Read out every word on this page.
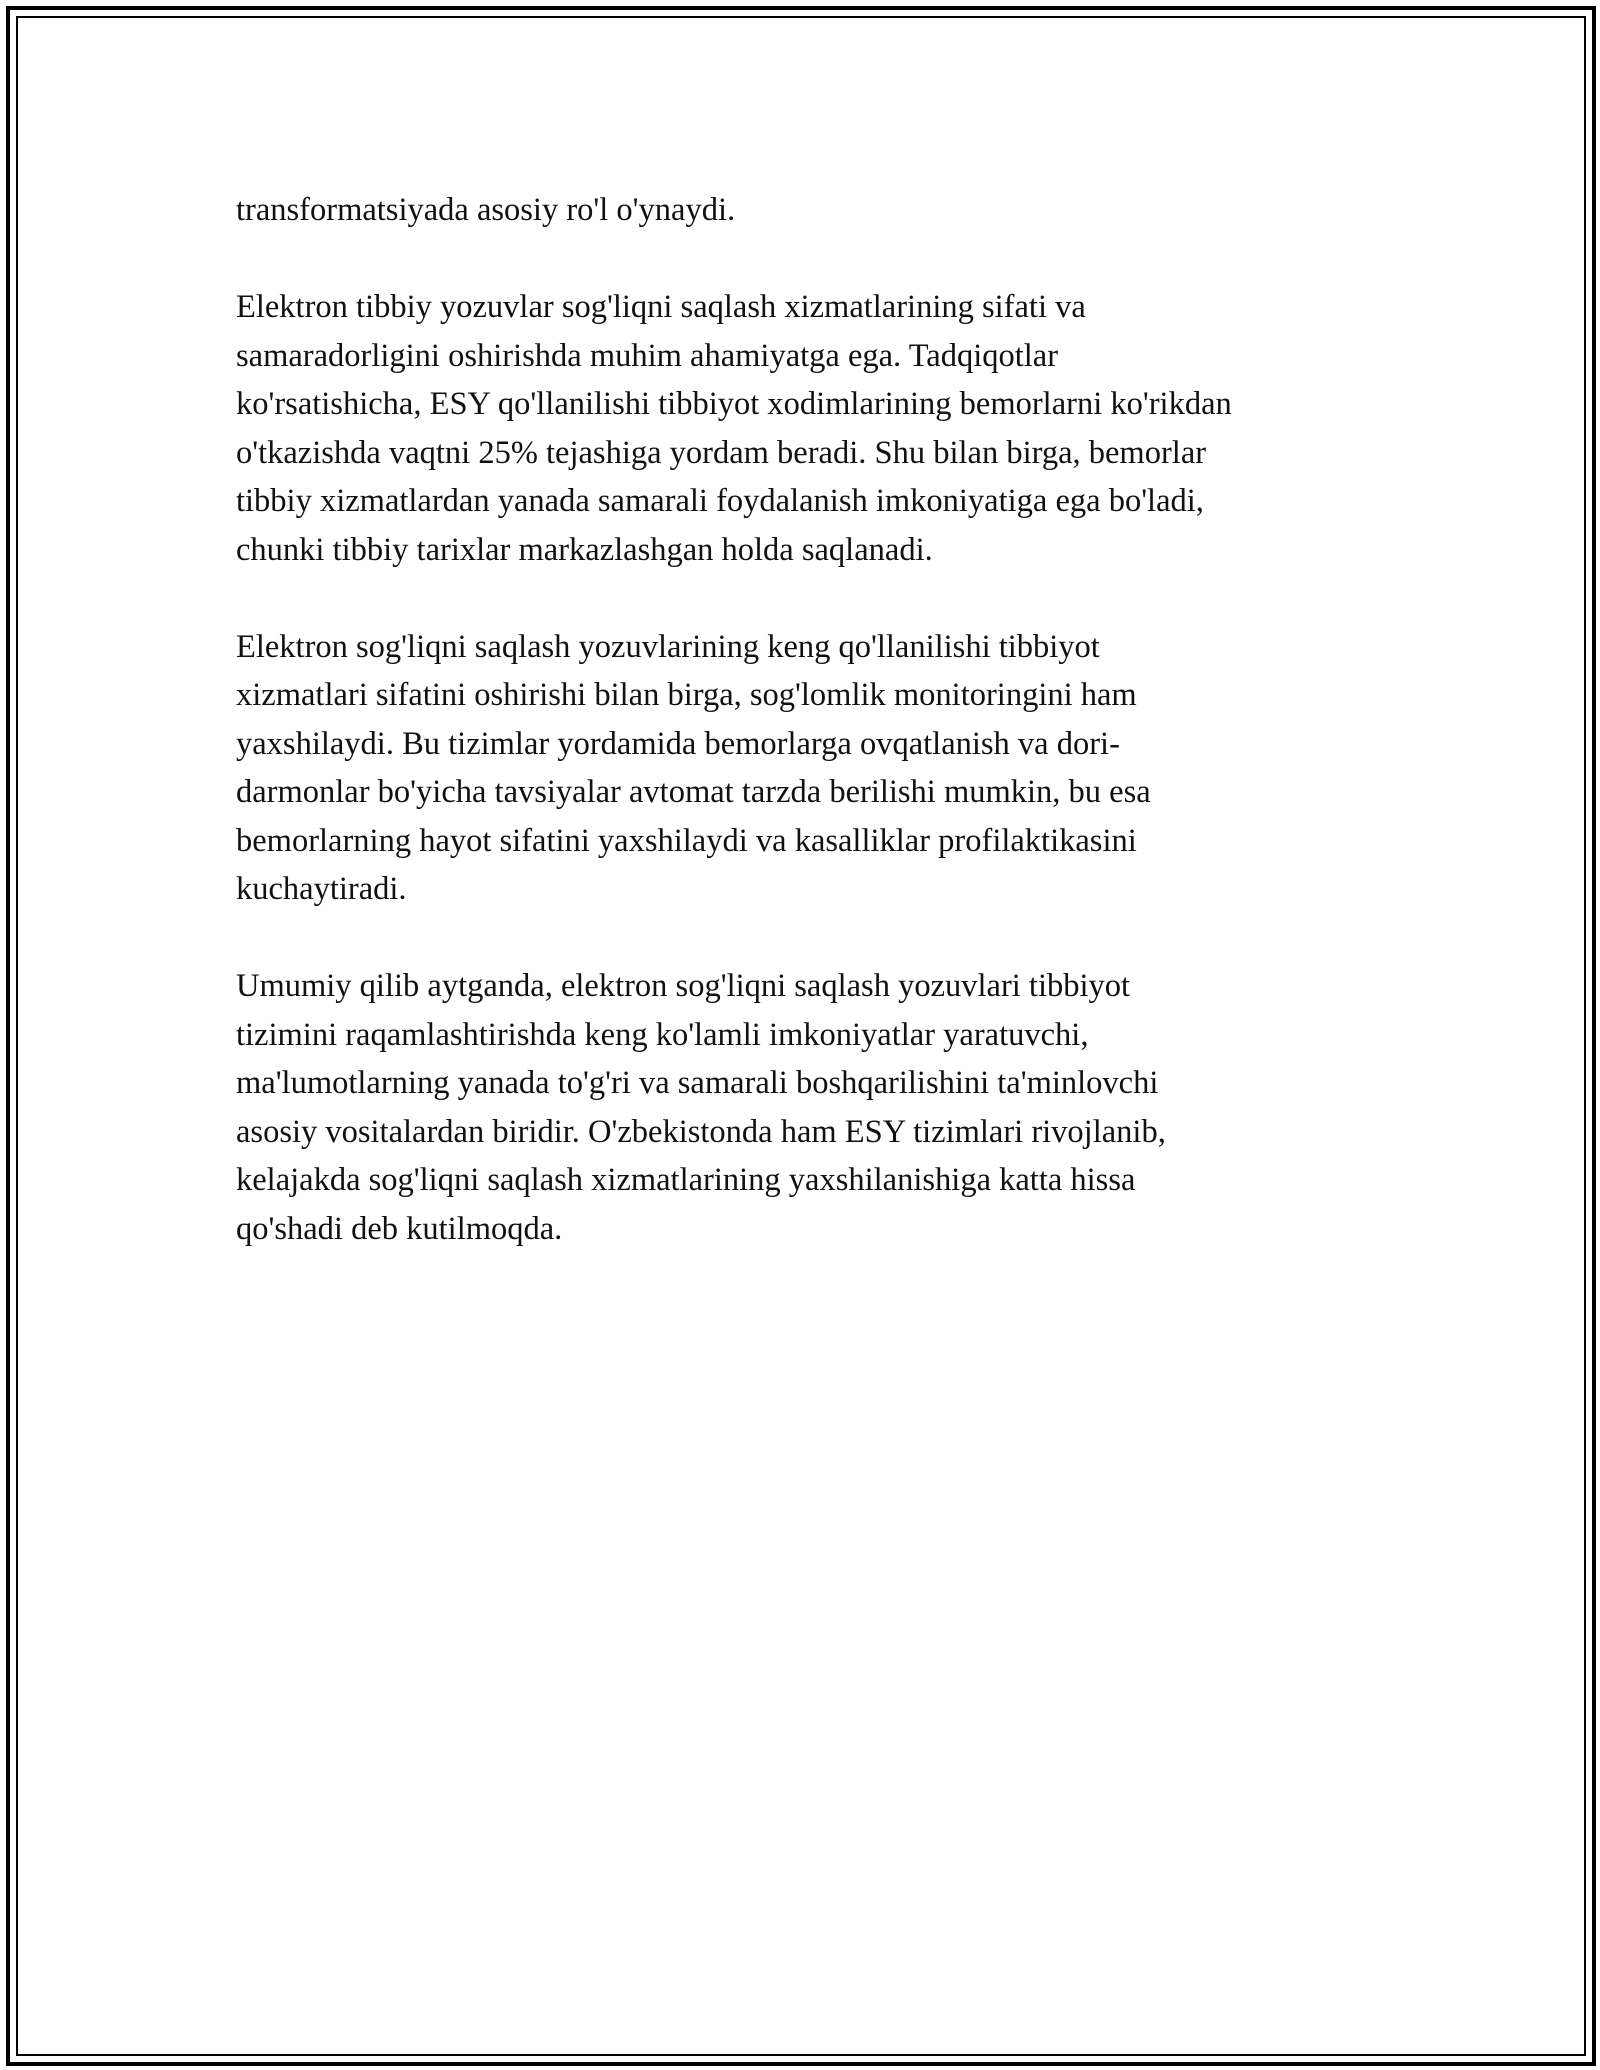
transformatsiyada asosiy ro'l o'ynaydi.

Elektron tibbiy yozuvlar sog'liqni saqlash xizmatlarining sifati va
samaradorligini oshirishda muhim ahamiyatga ega. Tadqiqotlar
ko'rsatishicha, ESY qo'llanilishi tibbiyot xodimlarining bemorlarni ko'rikdan
o'tkazishda vaqtni 25% tejashiga yordam beradi. Shu bilan birga, bemorlar
tibbiy xizmatlardan yanada samarali foydalanish imkoniyatiga ega bo'ladi,
chunki tibbiy tarixlar markazlashgan holda saqlanadi.

Elektron sog'liqni saqlash yozuvlarining keng qo'llanilishi tibbiyot
xizmatlari sifatini oshirishi bilan birga, sog'lomlik monitoringini ham
yaxshilaydi. Bu tizimlar yordamida bemorlarga ovqatlanish va dori-
darmonlar bo'yicha tavsiyalar avtomat tarzda berilishi mumkin, bu esa
bemorlarning hayot sifatini yaxshilaydi va kasalliklar profilaktikasini
kuchaytiradi.

Umumiy qilib aytganda, elektron sog'liqni saqlash yozuvlari tibbiyot
tizimini raqamlashtirishda keng ko'lamli imkoniyatlar yaratuvchi,
ma'lumotlarning yanada to'g'ri va samarali boshqarilishini ta'minlovchi
asosiy vositalardan biridir. O'zbekistonda ham ESY tizimlari rivojlanib,
kelajakda sog'liqni saqlash xizmatlarining yaxshilanishiga katta hissa
qo'shadi deb kutilmoqda.
